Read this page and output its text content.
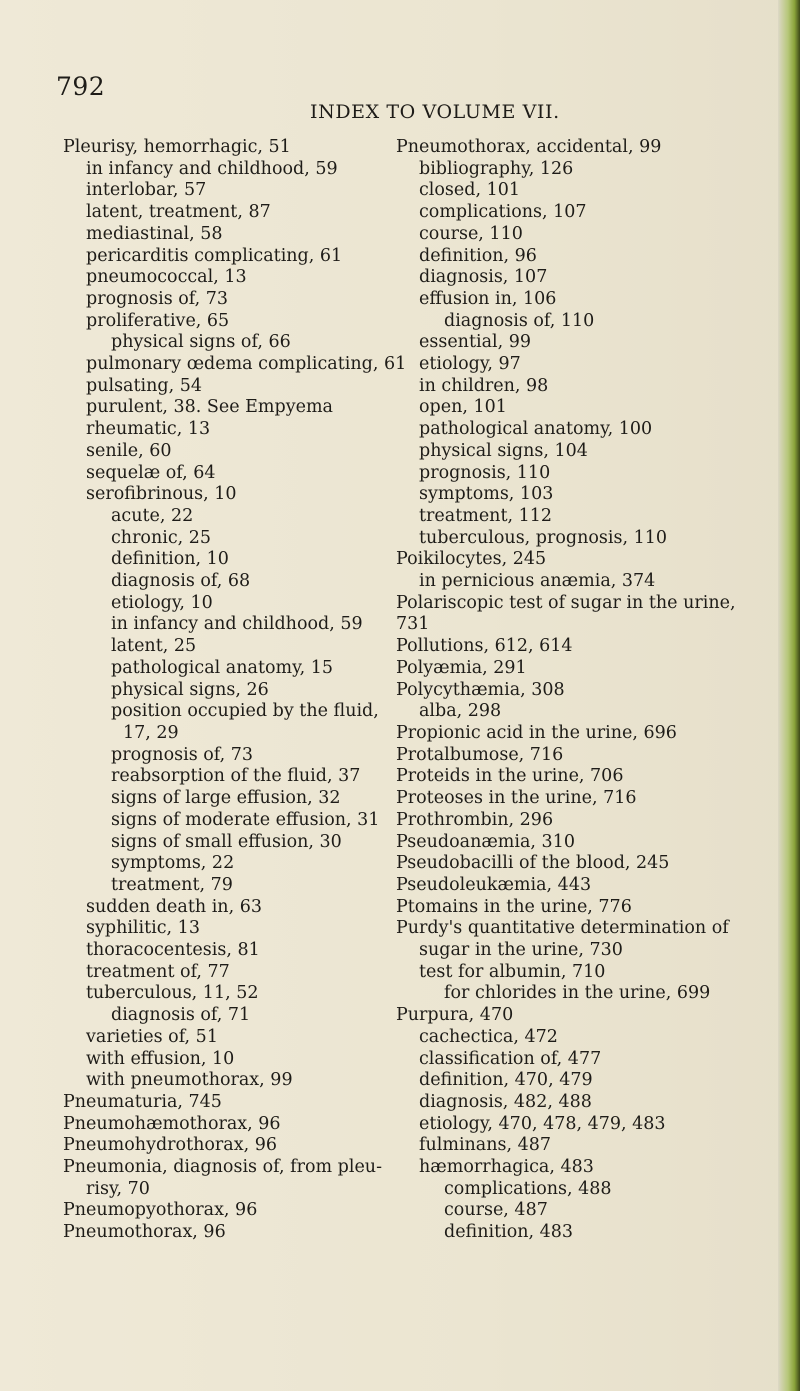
792
INDEX TO VOLUME VII.
Pleurisy, hemorrhagic, 51
in infancy and childhood, 59
interlobar, 57
latent, treatment, 87
mediastinal, 58
pericarditis complicating, 61
pneumococcal, 13
prognosis of, 73
proliferative, 65
physical signs of, 66
pulmonary œdema complicating, 61
pulsating, 54
purulent, 38. See Empyema
rheumatic, 13
senile, 60
sequelæ of, 64
serofibrinous, 10
acute, 22
chronic, 25
definition, 10
diagnosis of, 68
etiology, 10
in infancy and childhood, 59
latent, 25
pathological anatomy, 15
physical signs, 26
position occupied by the fluid,
17, 29
prognosis of, 73
reabsorption of the fluid, 37
signs of large effusion, 32
signs of moderate effusion, 31
signs of small effusion, 30
symptoms, 22
treatment, 79
sudden death in, 63
syphilitic, 13
thoracocentesis, 81
treatment of, 77
tuberculous, 11, 52
diagnosis of, 71
varieties of, 51
with effusion, 10
with pneumothorax, 99
Pneumaturia, 745
Pneumohæmothorax, 96
Pneumohydrothorax, 96
Pneumonia, diagnosis of, from pleu-
risy, 70
Pneumopyothorax, 96
Pneumothorax, 96
Pneumothorax, accidental, 99
bibliography, 126
closed, 101
complications, 107
course, 110
definition, 96
diagnosis, 107
effusion in, 106
diagnosis of, 110
essential, 99
etiology, 97
in children, 98
open, 101
pathological anatomy, 100
physical signs, 104
prognosis, 110
symptoms, 103
treatment, 112
tuberculous, prognosis, 110
Poikilocytes, 245
in pernicious anæmia, 374
Polariscopic test of sugar in the urine,
731
Pollutions, 612, 614
Polyæmia, 291
Polycythæmia, 308
alba, 298
Propionic acid in the urine, 696
Protalbumose, 716
Proteids in the urine, 706
Proteoses in the urine, 716
Prothrombin, 296
Pseudoanæmia, 310
Pseudobacilli of the blood, 245
Pseudoleukæmia, 443
Ptomains in the urine, 776
Purdy's quantitative determination of
sugar in the urine, 730
test for albumin, 710
for chlorides in the urine, 699
Purpura, 470
cachectica, 472
classification of, 477
definition, 470, 479
diagnosis, 482, 488
etiology, 470, 478, 479, 483
fulminans, 487
hæmorrhagica, 483
complications, 488
course, 487
definition, 483
